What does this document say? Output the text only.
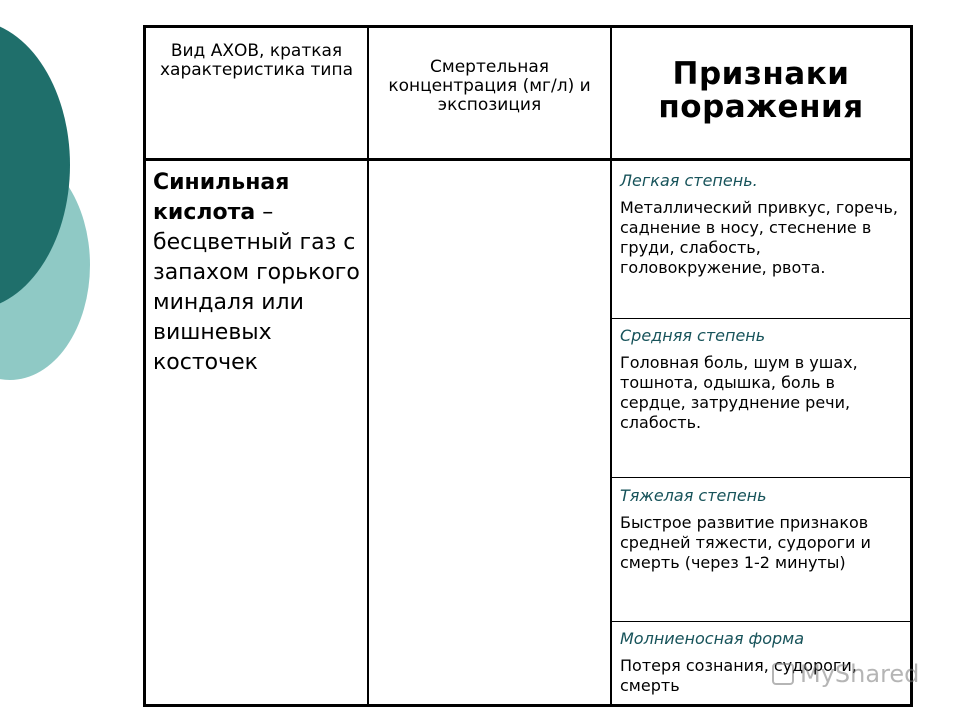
Вид АХОВ, краткая характеристика типа	Смертельная концентрация (мг/л) и экспозиция
Признаки поражения
Синильная кислота – бесцветный газ с запахом горького миндаля или вишневых косточек
Легкая степень.
Металлический привкус, горечь, саднение в носу, стеснение в груди, слабость, головокружение, рвота.
Средняя степень
Головная боль, шум в ушах, тошнота, одышка, боль в сердце, затруднение речи, слабость.
Тяжелая степень
Быстрое развитие признаков средней тяжести, судороги и смерть (через 1-2 минуты)
Молниеносная форма
Потеря сознания, судороги, смерть	MyShared
